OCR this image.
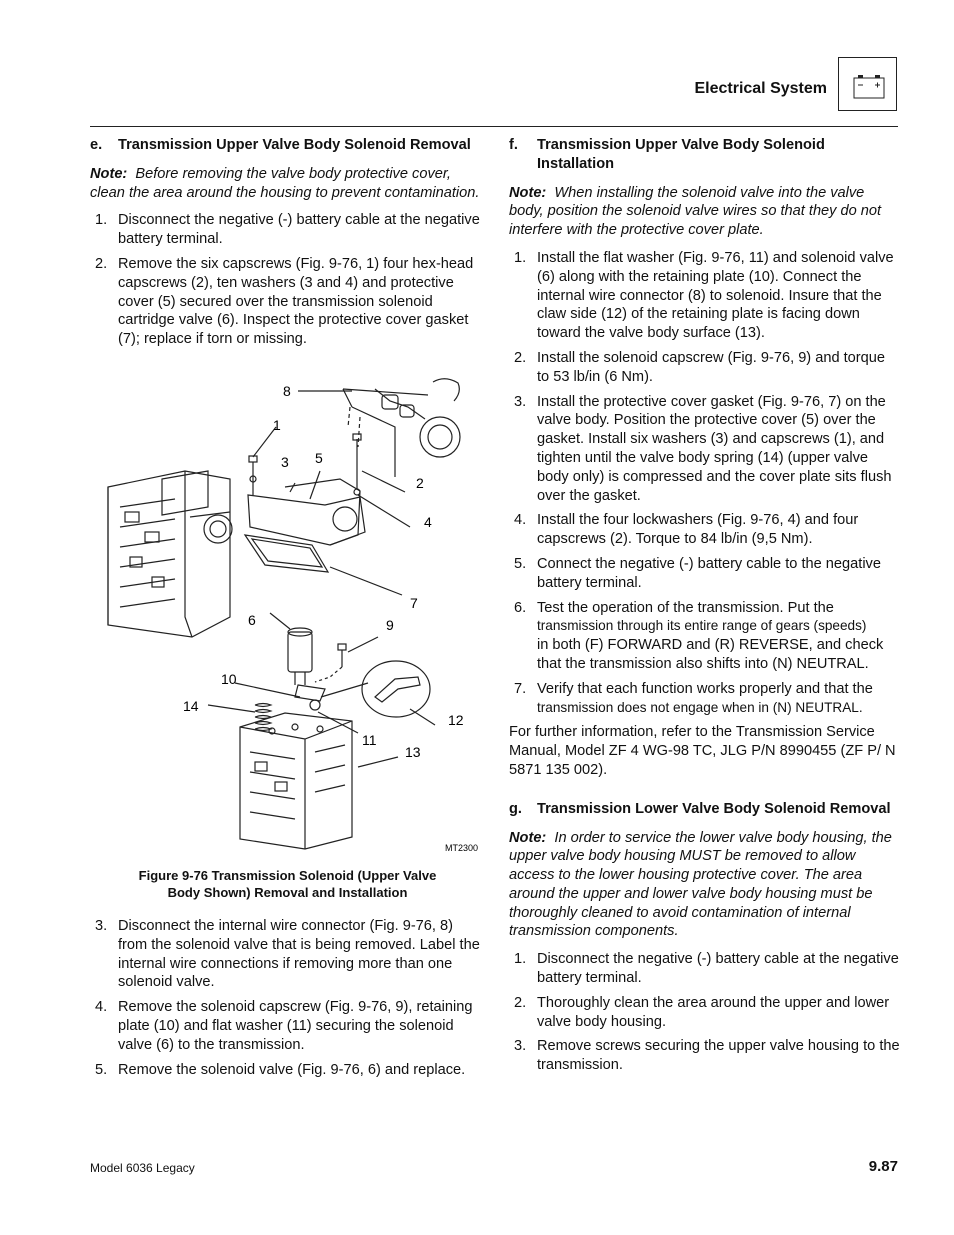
Electrical System
e. Transmission Upper Valve Body Solenoid Removal

Note: Before removing the valve body protective cover, clean the area around the housing to prevent contamination.

1. Disconnect the negative (-) battery cable at the negative battery terminal.
2. Remove the six capscrews (Fig. 9-76, 1) four hex-head capscrews (2), ten washers (3 and 4) and protective cover (5) secured over the transmission solenoid cartridge valve (6). Inspect the protective cover gasket (7); replace if torn or missing.
8
1
3 5
2
4
7
6	9
10
14
12
11
13
MT2300
Figure 9-76 Transmission Solenoid (Upper Valve
Body Shown) Removal and Installation
3. Disconnect the internal wire connector (Fig. 9-76, 8) from the solenoid valve that is being removed. Label the internal wire connections if removing more than one solenoid valve.
4. Remove the solenoid capscrew (Fig. 9-76, 9), retaining plate (10) and flat washer (11) securing the solenoid valve (6) to the transmission.
5. Remove the solenoid valve (Fig. 9-76, 6) and replace.
f. Transmission Upper Valve Body Solenoid Installation

Note: When installing the solenoid valve into the valve body, position the solenoid valve wires so that they do not interfere with the protective cover plate.

1. Install the flat washer (Fig. 9-76, 11) and solenoid valve (6) along with the retaining plate (10). Connect the internal wire connector (8) to solenoid. Insure that the claw side (12) of the retaining plate is facing down toward the valve body surface (13).
2. Install the solenoid capscrew (Fig. 9-76, 9) and torque to 53 lb/in (6 Nm).
3. Install the protective cover gasket (Fig. 9-76, 7) on the valve body. Position the protective cover (5) over the gasket. Install six washers (3) and capscrews (1), and tighten until the valve body spring (14) (upper valve body only) is compressed and the cover plate sits flush over the gasket.
4. Install the four lockwashers (Fig. 9-76, 4) and four capscrews (2). Torque to 84 lb/in (9,5 Nm).
5. Connect the negative (-) battery cable to the negative battery terminal.
6. Test the operation of the transmission. Put the
transmission through its entire range of gears (speeds)
in both (F) FORWARD and (R) REVERSE, and check that the transmission also shifts into (N) NEUTRAL.
7. Verify that each function works properly and that the
transmission does not engage when in (N) NEUTRAL.

For further information, refer to the Transmission Service Manual, Model ZF 4 WG-98 TC, JLG P/N 8990455 (ZF P/ N 5871 135 002).

g. Transmission Lower Valve Body Solenoid Removal

Note: In order to service the lower valve body housing, the upper valve body housing MUST be removed to allow access to the lower housing protective cover. The area around the upper and lower valve body housing must be thoroughly cleaned to avoid contamination of internal transmission components.

1. Disconnect the negative (-) battery cable at the negative battery terminal.
2. Thoroughly clean the area around the upper and lower valve body housing.
3. Remove screws securing the upper valve housing to the transmission.
Model 6036 Legacy	9.87
